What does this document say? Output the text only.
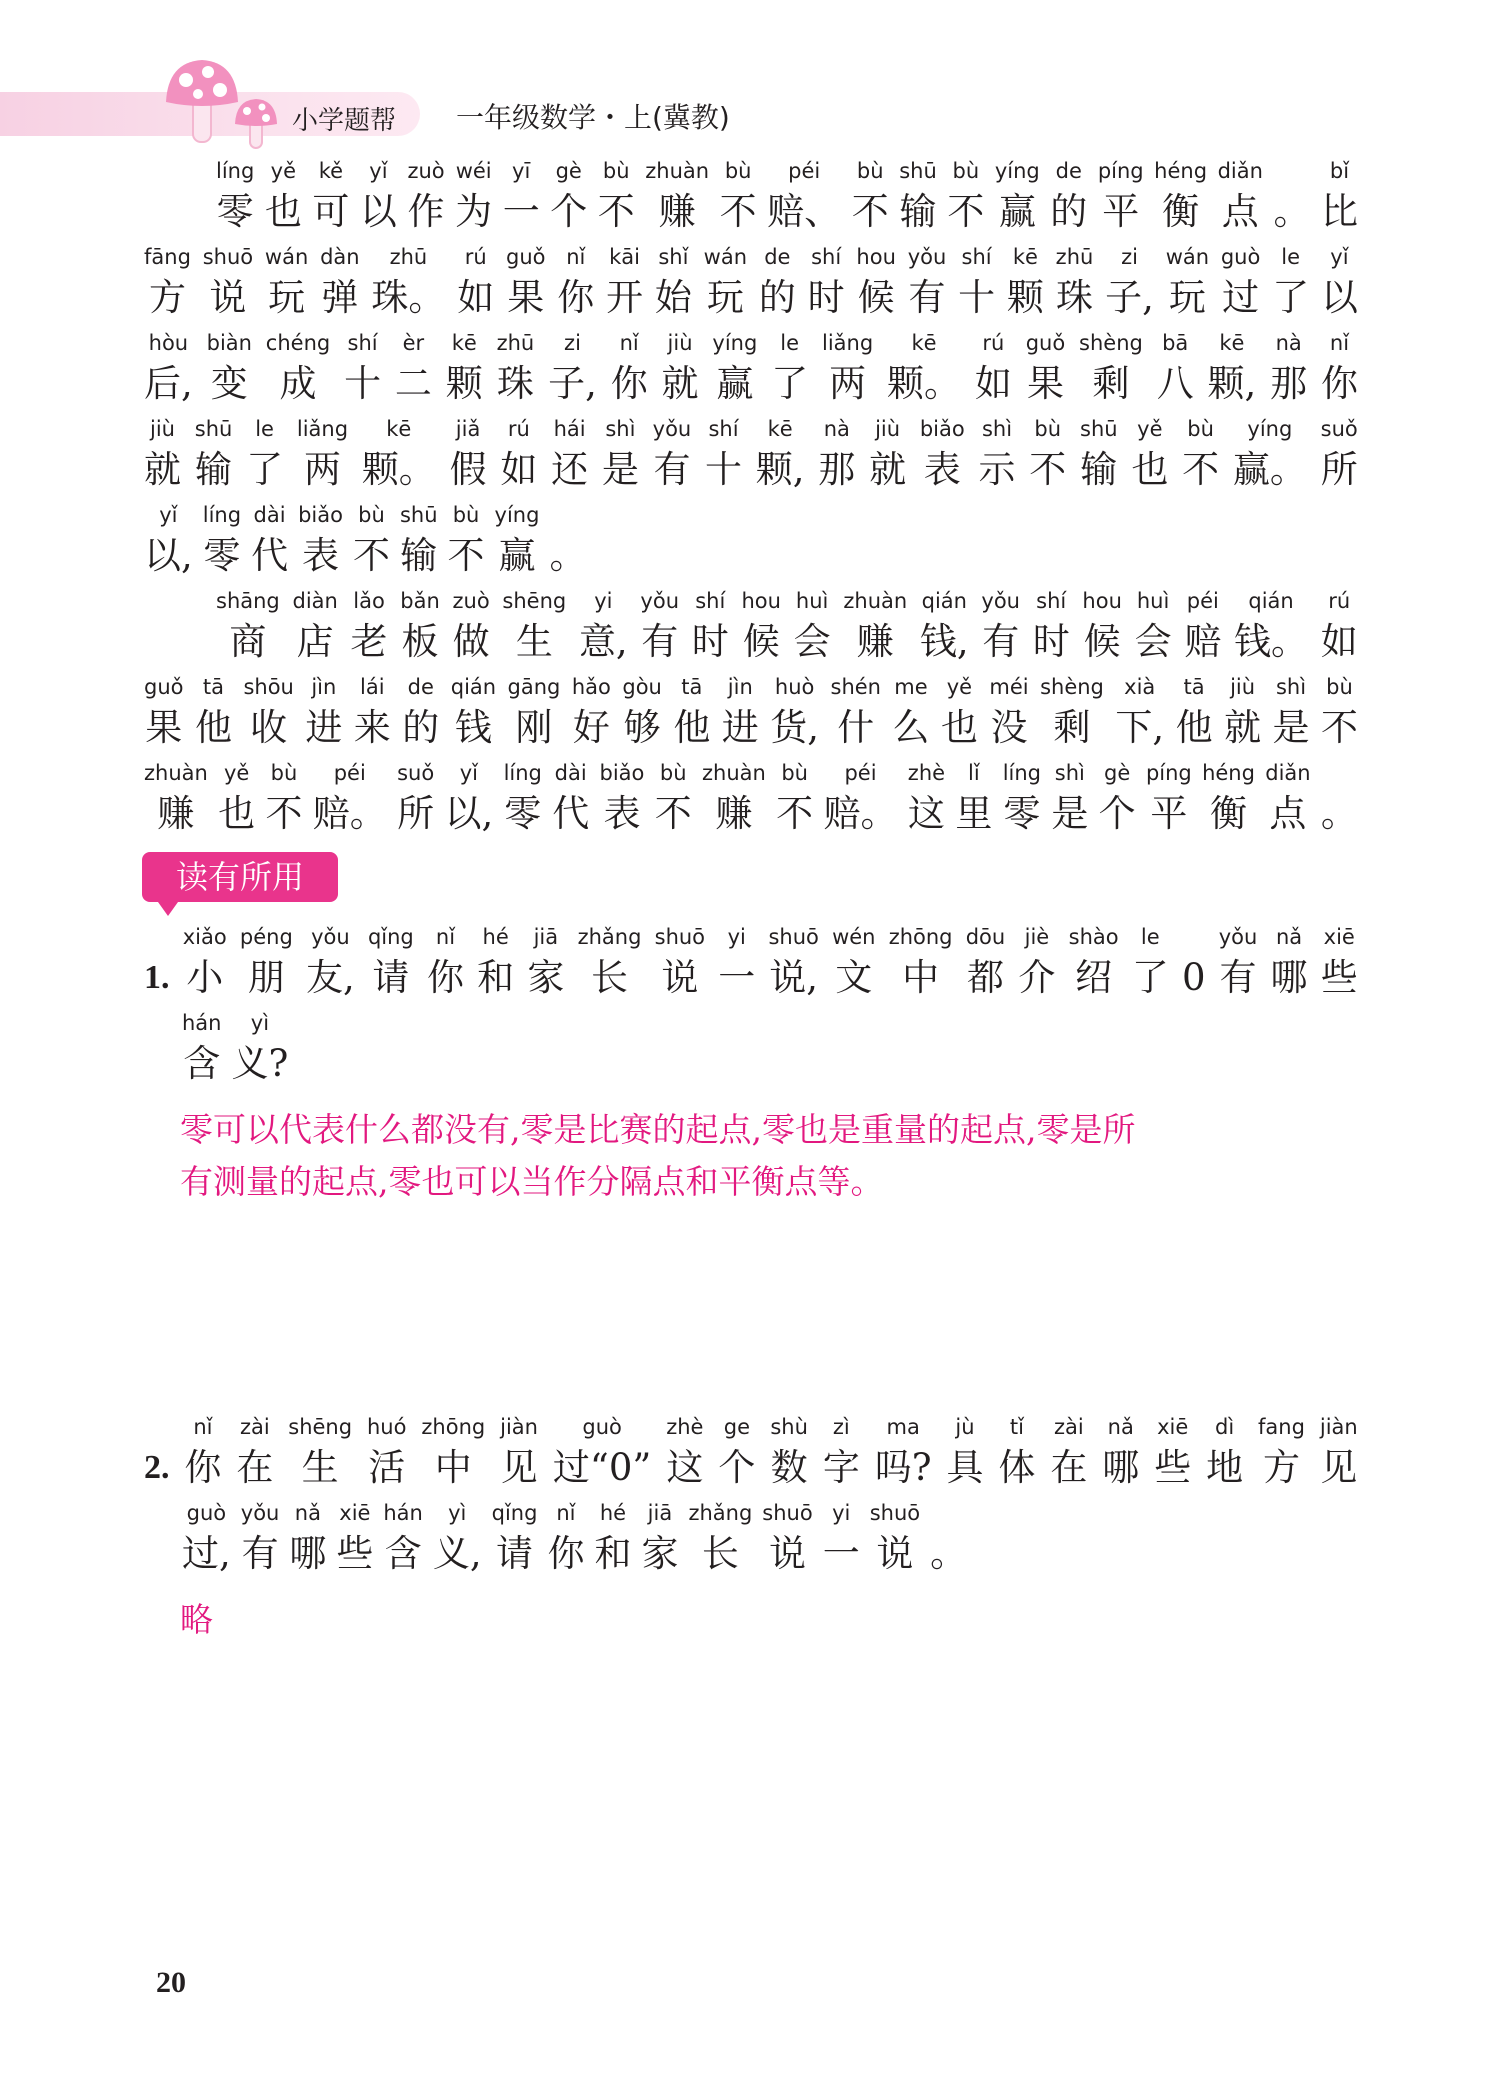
小学题帮 一年级数学・上(冀教)
líng
零
yě
也
kě
可
yǐ
以
zuò
作
wéi
为
yī
一
gè
个
bù
不
zhuàn
赚
bù
不
péi
赔、
bù
不
shū
输
bù
不
yíng
赢
de
的
píng
平
héng
衡
diǎn
点 。
bǐ
比
fāng
方
shuō
说
wán
玩
dàn
弹
zhū
珠。
rú
如
guǒ
果
nǐ
你
kāi
开
shǐ
始
wán
玩
de
的
shí
时
hou
候
yǒu
有
shí
十
kē
颗
zhū
珠
zi
子,
wán
玩
guò
过
le
了
yǐ
以
hòu
后,
biàn
变
chéng
成
shí
十
èr
二
kē
颗
zhū
珠
zi
子,
nǐ
你
jiù
就
yíng
赢
le
了
liǎng
两
kē
颗。
rú
如
guǒ
果
shèng
剩
bā
八
kē
颗,
nà
那
nǐ
你
jiù
就
shū
输
le
了
liǎng
两
kē
颗。
jiǎ
假
rú
如
hái
还
shì
是
yǒu
有
shí
十
kē
颗,
nà
那
jiù
就
biǎo
表
shì
示
bù
不
shū
输
yě
也
bù
不
yíng
赢。
suǒ
所
yǐ
以,
líng
零
dài
代
biǎo
表
bù
不
shū
输
bù
不
yíng
赢 。
shāng
商
diàn
店
lǎo
老
bǎn
板
zuò
做
shēng
生
yi
意,
yǒu
有
shí
时
hou
候
huì
会
zhuàn
赚
qián
钱,
yǒu
有
shí
时
hou
候
huì
会
péi
赔
qián
钱。
rú
如
guǒ
果
tā
他
shōu
收
jìn
进
lái
来
de
的
qián
钱
gāng
刚
hǎo
好
gòu
够
tā
他
jìn
进
huò
货,
shén
什
me
么
yě
也
méi
没
shèng
剩
xià
下,
tā
他
jiù
就
shì
是
bù
不
zhuàn
赚
yě
也
bù
不
péi
赔。
suǒ
所
yǐ
以,
líng
零
dài
代
biǎo
表
bù
不
zhuàn
赚
bù
不
péi
赔。
zhè
这
lǐ
里
líng
零
shì
是
gè
个
píng
平
héng
衡
diǎn
点 。
读有所用
1.
xiǎo
小
péng
朋
yǒu
友,
qǐng
请
nǐ
你
hé
和
jiā
家
zhǎng
长
shuō
说
yi
一
shuō
说,
wén
文
zhōng
中
dōu
都
jiè
介
shào
绍
le
了 0
yǒu
有
nǎ
哪
xiē
些
hán
含
yì
义?
零可以代表什么都没有,零是比赛的起点,零也是重量的起点,零是所
有测量的起点,零也可以当作分隔点和平衡点等。
2.
nǐ
你
zài
在
shēng
生
huó
活
zhōng
中
jiàn
见
guò
过“0”
zhè
这
ge
个
shù
数
zì
字
ma
吗?
jù
具
tǐ
体
zài
在
nǎ
哪
xiē
些
dì
地
fang
方
jiàn
见
guò
过,
yǒu
有
nǎ
哪
xiē
些
hán
含
yì
义,
qǐng
请
nǐ
你
hé
和
jiā
家
zhǎng
长
shuō
说
yi
一
shuō
说 。
略
20
